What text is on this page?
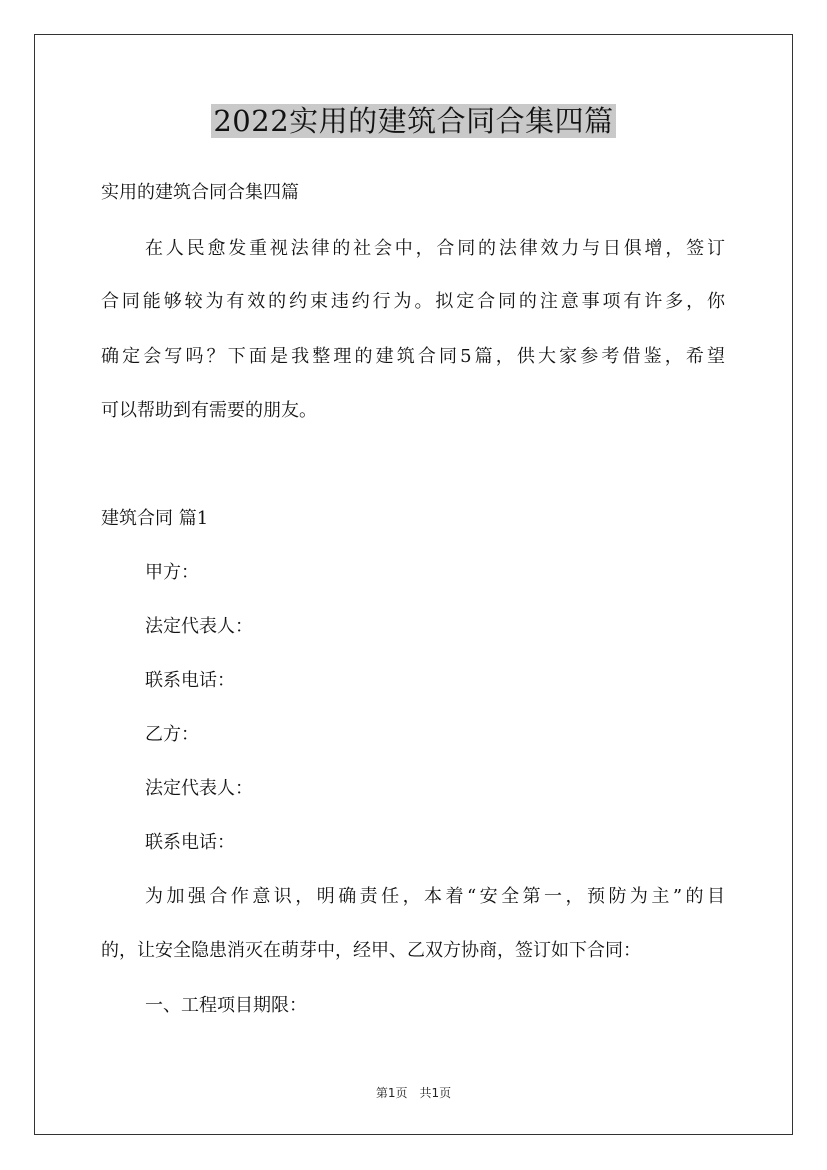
2022实用的建筑合同合集四篇
实用的建筑合同合集四篇
在人民愈发重视法律的社会中，合同的法律效力与日俱增，签订
合同能够较为有效的约束违约行为。拟定合同的注意事项有许多，你
确定会写吗？下面是我整理的建筑合同5篇，供大家参考借鉴，希望
可以帮助到有需要的朋友。
建筑合同 篇1
甲方：
法定代表人：
联系电话：
乙方：
法定代表人：
联系电话：
为加强合作意识，明确责任，本着“安全第一，预防为主”的目
的，让安全隐患消灭在萌芽中，经甲、乙双方协商，签订如下合同：
一、工程项目期限：
第1页　共1页
